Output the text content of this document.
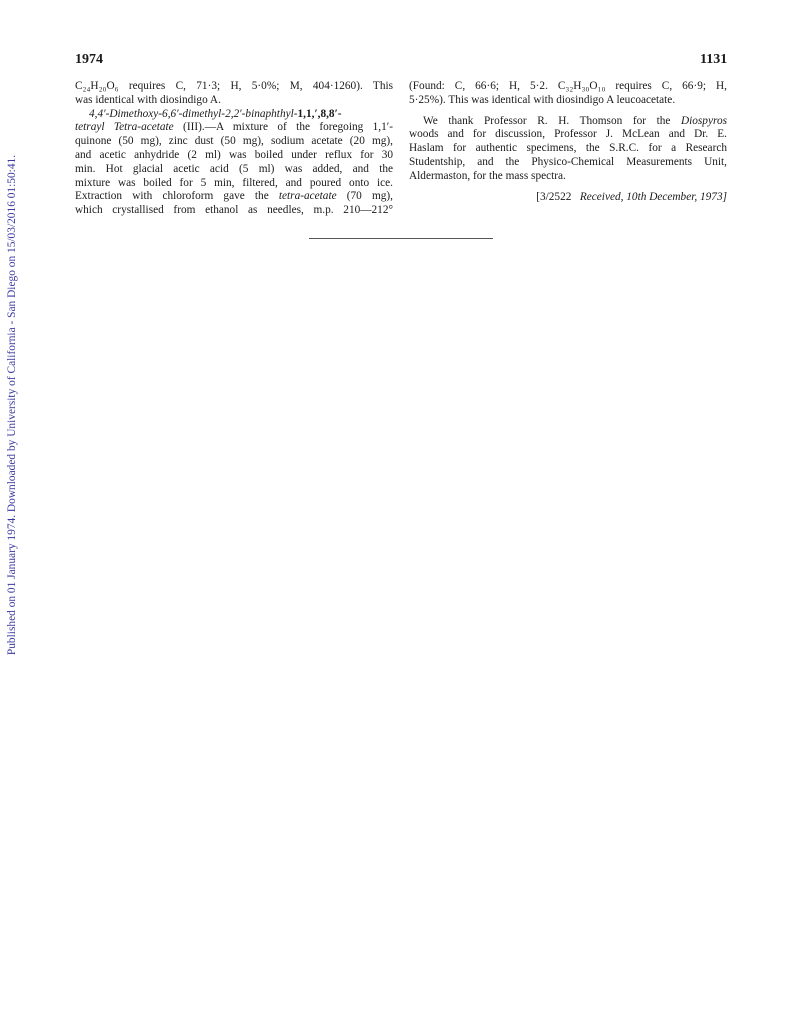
Published on 01 January 1974. Downloaded by University of California - San Diego on 15/03/2016 01:50:41.
1974	1131
C₂₄H₂₀O₆ requires C, 71·3; H, 5·0%; M, 404·1260). This
was identical with diosindigo A.
4,4′-Dimethoxy-6,6′-dimethyl-2,2′-binaphthyl-1,1,′,8,8′-
tetrayl Tetra-acetate (III).—A mixture of the foregoing 1,1′-
quinone (50 mg), zinc dust (50 mg), sodium acetate (20 mg),
and acetic anhydride (2 ml) was boiled under reflux for 30
min. Hot glacial acetic acid (5 ml) was added, and the
mixture was boiled for 5 min, filtered, and poured onto ice.
Extraction with chloroform gave the tetra-acetate (70 mg),
which crystallised from ethanol as needles, m.p. 210—212°
(Found: C, 66·6; H, 5·2. C₃₂H₃₀O₁₀ requires C, 66·9; H,
5·25%). This was identical with diosindigo A leucoacetate.
We thank Professor R. H. Thomson for the Diospyros
woods and for discussion, Professor J. McLean and Dr. E.
Haslam for authentic specimens, the S.R.C. for a Research
Studentship, and the Physico-Chemical Measurements Unit,
Aldermaston, for the mass spectra.
[3/2522 Received, 10th December, 1973]
